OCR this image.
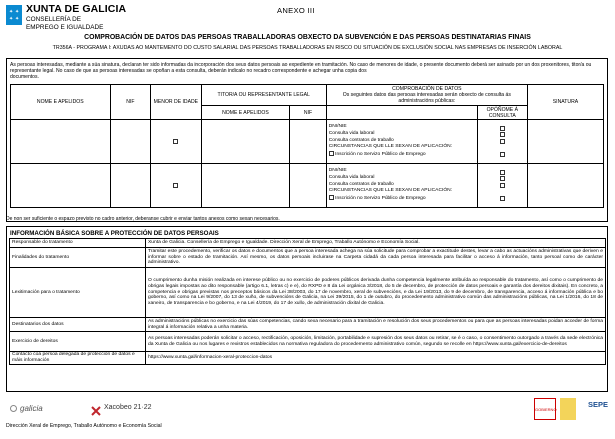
✦ ✦
✦ ✦
XUNTA DE GALICIA
CONSELLERÍA DE
EMPREGO E IGUALDADE
ANEXO III
COMPROBACIÓN DE DATOS DAS PERSOAS TRABALLADORAS OBXECTO DA SUBVENCIÓN E DAS PERSOAS DESTINATARIAS FINAIS
TR356A - PROGRAMA I: AXUDAS AO MANTEMENTO DO CUSTO SALARIAL DAS PERSOAS TRABALLADORAS EN RISCO OU SITUACIÓN DE EXCLUSIÓN SOCIAL NAS EMPRESAS DE INSERCIÓN LABORAL

As persoas interesadas, mediante a súa sinatura, declaran ter sido informadas da incorporación dos seus datos persoais ao expediente en tramitación. No caso de menores de idade, o presente documento deberá ser asinado por un dos proxenitores, titor/a ou representante legal. No caso de que as persoas interesadas se opoñan a esta consulta, deberán indicalo no recadro correspondente e achegar unha copia dos

documentos.

NOME E APELIDOS	NIF	MENOR DE IDADE	TITOR/A OU REPRESENTANTE LEGAL		COMPROBACIÓN DE DATOS
Os seguintes datos das persoas interesadas serán obxecto de consulta ás administracións públicas:		SINATURA
			NOME E APELIDOS	NIF		OPÓÑOME Á
CONSULTA	

					DNI/NIE
Consulta vida laboral
Consulta contratos de traballo
CIRCUNSTANCIAS QUE LLE SEXAN DE APLICACIÓN:
Inscrición no Servizo Público de Emprego		

					DNI/NIE
Consulta vida laboral
Consulta contratos de traballo
CIRCUNSTANCIAS QUE LLE SEXAN DE APLICACIÓN:
Inscrición no Servizo Público de Emprego		

De non ser suficiente o espazo previsto no cadro anterior, deberanse cubrir e enviar tantos anexos como sexan necesarios.
INFORMACIÓN BÁSICA SOBRE A PROTECCIÓN DE DATOS PERSOAIS
Responsable do tratamento	Xunta de Galicia. Consellería de Emprego e Igualdade. Dirección Xeral de Emprego, Traballo Autónomo e Economía Social.
Finalidades do tratamento	Tramitar este procedemento, verificar os datos e documentos que a persoa interesada achega na súa solicitude para comprobar a exactitude destes, levar a cabo as actuacións administrativas que deriven e informar sobre o estado de tramitación. Así mesmo, os datos persoais incluirase na Carpeta cidadá da cada persoa interesada para facilitar o acceso á información, tanto persoal como de carácter administrativo.
Lexitimación para o tratamento	O cumprimento dunha misión realizada en interese público ou no exercicio de poderes públicos derivada dunha competencia legalmente atribuída ao responsable do tratamento, así como o cumprimento de obrigas legais impostas ao dito responsable (artigo 6.1, letras c) e e), do RXPD e 8 da Lei orgánica 3/2018, do 5 de decembro, de protección de datos persoais e garantía dos dereitos dixitais). En concreto, a competencia e obrigas previstas nos preceptos básicos da Lei 38/2003, do 17 de novembro, xeral de subvencións, e da Lei 19/2013, do 9 de decembro, de transparencia, acceso á información pública e bo goberno, así como na Lei 9/2007, do 13 de xuño, de subvencións de Galicia, na Lei 39/2015, do 1 de outubro, do procedemento administrativo común das administracións públicas, na Lei 1/2016, do 18 de xaneiro, de transparencia e bo goberno, e na Lei 4/2019, do 17 de xullo, de administración dixital de Galicia.
Destinatarios dos datos	As administracións públicas no exercicio das súas competencias, cando sexa necesario para a tramitación e resolución dos seus procedementos ou para que as persoas interesadas poidan acceder de forma integral á información relativa a unha materia.
Exercicio de dereitos	As persoas interesadas poderán solicitar o acceso, rectificación, oposición, limitación, portabilidade e supresión dos seus datos ou retirar, se é o caso, o consentimento outorgado a través da sede electrónica da Xunta de Galicia ou nos lugares e rexistros establecidos na normativa reguladora do procedemento administrativo común, segundo se recolle en https://www.xunta.gal/exercicio-de-dereitos
Contacto coa persoa delegada de protección de datos e máis información	https://www.xunta.gal/informacion-xeral-proteccion-datos
galicia	Xacobeo 21·22	GOBIERNO
SEPE
Dirección Xeral de Emprego, Traballo Autónomo e Economía Social
